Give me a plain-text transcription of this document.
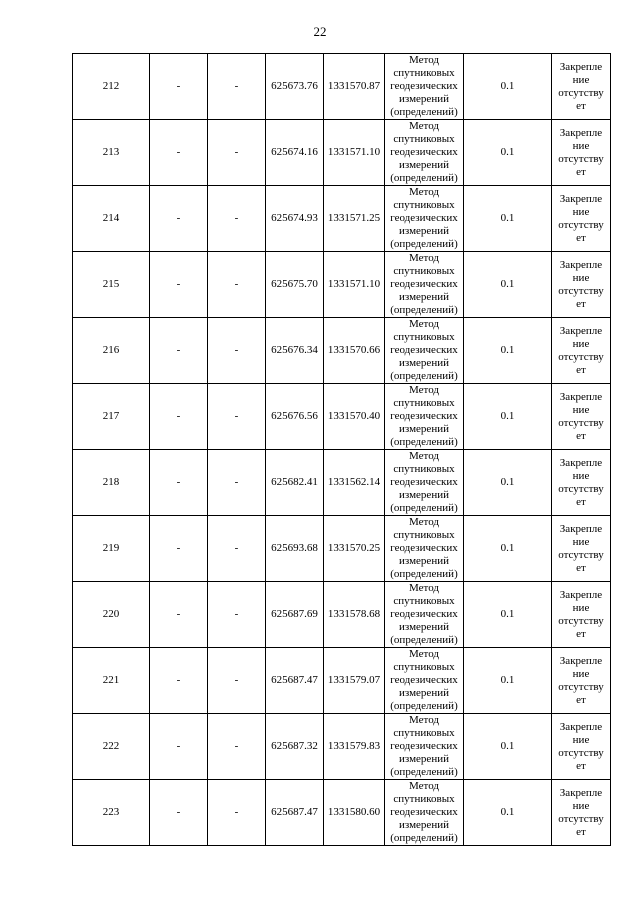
22
212	-	-	625673.76	1331570.87	Метод
спутниковых
геодезических
измерений
(определений)	0.1	Закрепле
ние
отсутству
ет

213	-	-	625674.16	1331571.10	Метод
спутниковых
геодезических
измерений
(определений)	0.1	Закрепле
ние
отсутству
ет

214	-	-	625674.93	1331571.25	Метод
спутниковых
геодезических
измерений
(определений)	0.1	Закрепле
ние
отсутству
ет

215	-	-	625675.70	1331571.10	Метод
спутниковых
геодезических
измерений
(определений)	0.1	Закрепле
ние
отсутству
ет

216	-	-	625676.34	1331570.66	Метод
спутниковых
геодезических
измерений
(определений)	0.1	Закрепле
ние
отсутству
ет

217	-	-	625676.56	1331570.40	Метод
спутниковых
геодезических
измерений
(определений)	0.1	Закрепле
ние
отсутству
ет

218	-	-	625682.41	1331562.14	Метод
спутниковых
геодезических
измерений
(определений)	0.1	Закрепле
ние
отсутству
ет

219	-	-	625693.68	1331570.25	Метод
спутниковых
геодезических
измерений
(определений)	0.1	Закрепле
ние
отсутству
ет

220	-	-	625687.69	1331578.68	Метод
спутниковых
геодезических
измерений
(определений)	0.1	Закрепле
ние
отсутству
ет

221	-	-	625687.47	1331579.07	Метод
спутниковых
геодезических
измерений
(определений)	0.1	Закрепле
ние
отсутству
ет

222	-	-	625687.32	1331579.83	Метод
спутниковых
геодезических
измерений
(определений)	0.1	Закрепле
ние
отсутству
ет

223	-	-	625687.47	1331580.60	Метод
спутниковых
геодезических
измерений
(определений)	0.1	Закрепле
ние
отсутству
ет
